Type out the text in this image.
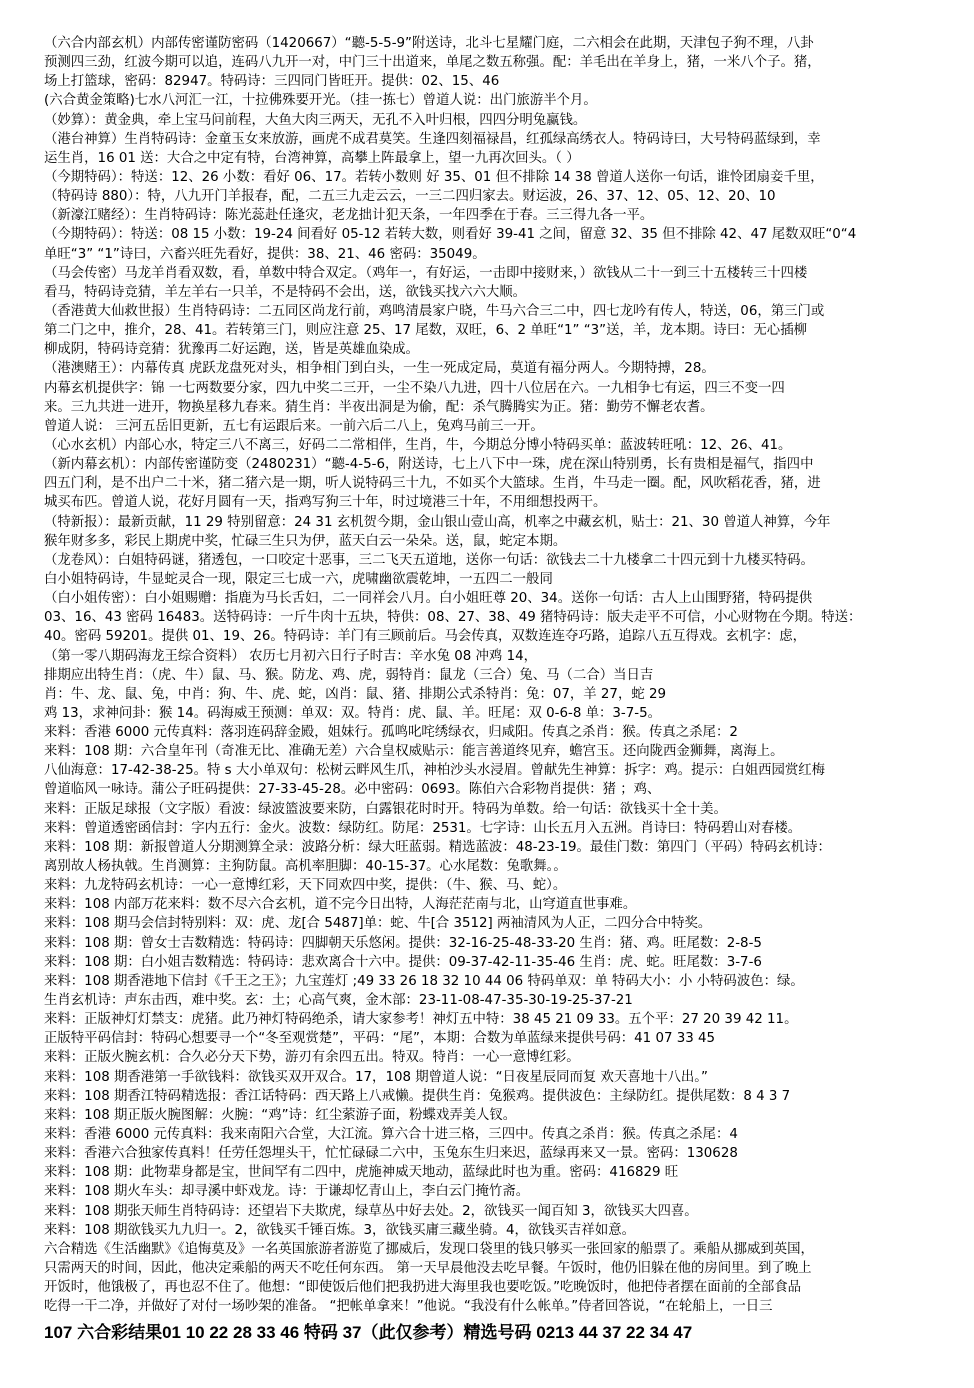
（六合内部玄机）内部传密谨防密码（1420667）“聽-5-5-9”附送诗，北斗七星耀门庭，二六相会在此期，天津包子狗不理，八卦
预测四三劲，红波今期可以追，连码八九开一对，中门三十出道来，单尾之数五称强。配：羊毛出在羊身上，猪，一米八个子。猪，
场上打篮球，密码：82947。特码诗：三四同门皆旺开。提供：02、15、46
(六合黄金策略)七水八河汇一江，十拉佛殊要开光。（挂一拣七）曾道人说：出门旅游半个月。
（妙算）：黄金典，牵上宝马问前程，大鱼大肉三两天，无孔不入叶归根，四四分明兔赢钱。
（港台神算）生肖特码诗：金童玉女来放游，画虎不成君莫笑。生逢四刻福禄昌，红孤绿高绣衣人。特码诗曰，大号特码蓝绿到，幸
运生肖，16 01 送：大合之中定有特，台湾神算，高攀上阵最拿上，望一九再次回头。（ ）
（今期特码）：特送：12、26 小数：看好 06、17。若转小数则 好 35、01 但不排除 14 38 曾道人送你一句话，谁怜团扇妾千里，
（特码诗 880）：特，八九开门羊报春，配，二五三九走云云，一三二四归家去。财运波，26、37、12、05、12、20、10
（新濠江赌经）：生肖特码诗：陈光蕊赴任逢灾，老龙拙计犯天条，一年四季在于春。三三得九各一平。
（今期特码）：特送：08 15 小数：19-24 间看好 05-12 若转大数，则看好 39-41 之间，留意 32、35 但不排除 42、47 尾数双旺“0“4
单旺“3” “1”诗曰，六畜兴旺先看好，提供：38、21、46 密码：35049。
（马会传密）马龙羊肖看双数，看，单数中特合双定。（鸡年一，有好运，一击即中接财来，）欲钱从二十一到三十五楼转三十四楼
看马，特码诗竞猜，羊左羊右一只羊，不是特码不会出，送，欲钱买找六六大顺。
（香港黄大仙救世报）生肖特码诗：二五同区尚龙行前，鸡鸣清晨家户晓，牛马六合三二中，四七龙吟有传人，特送，06，第三门或
第二门之中，推介，28、41。若转第三门，则应注意 25、17 尾数，双旺，6、2 单旺“1” “3”送，羊，龙本期。诗曰：无心插柳
柳成阴，特码诗竞猜：犹豫再二好运跑，送，皆是英雄血染成。
（港澳赌王）：内幕传真 虎跃龙盘死对头，相争相门到白头，一生一死成定局，莫道有福分两人。今期特搏，28。
内幕玄机提供字：锦 一七两数要分家，四九中奖二三开，一尘不染八九进，四十八位居在六。一九相争七有运，四三不变一四
来。三九共进一进开，物换星移九春来。猜生肖：半夜出洞是为偷，配：杀气腾腾实为正。猪：勤劳不懈老农耆。
曾道人说： 三河五岳旧更新，五七有运跟后来。一前六后二八上，兔鸡马前三一开。
（心水玄机）内部心水，特定三八不离三，好码二二常相伴，生肖，牛，今期总分博小特码买单：蓝波转旺吼：12、26、41。
（新内幕玄机）：内部传密谨防变（2480231）“聽-4-5-6，附送诗，七上八下中一珠，虎在深山特别勇，长有贵相是福气，指四中
四五门利，是不出户二十米，猪二猪六是一期，听人说特码三十九，不如买个大篮球。生肖，牛马走一圈。配，风吹稻花香，猪，进
城买布匹。曾道人说，花好月圆有一天，指鸡写狗三十年，时过境港三十年，不用细想投两干。
（特新报）：最新贡献，11 29 特别留意：24 31 玄机贺今期，金山银山壹山高，机率之中藏玄机，贴士：21、30 曾道人神算，今年
猴年财多多，彩民上期虎中奖，忙碌三生只为伊，蓝天白云一朵朵。送，鼠，蛇定本期。
（龙卷风）：白姐特码谜，猪透包，一口咬定十恶事，三二飞天五道地，送你一句话：欲钱去二十九楼拿二十四元到十九楼买特码。
白小姐特码诗，牛显蛇灵合一现，限定三七成一六，虎啸幽欲震乾坤，一五四二一般同
（白小姐传密）：白小姐赐赠：指鹿为马长舌妇，二一同祥会八月。白小姐旺尊 20、34。送你一句话：古人上山围野猪，特码提供
03、16、43 密码 16483。送特码诗：一斤牛肉十五块，特供：08、27、38、49 猪特码诗：版夫走平不可信，小心财物在今期。特送：
40。密码 59201。提供 01、19、26。特码诗：羊门有三顾前后。马会传真，双数连连夺巧路，追踪八五互得戏。玄机字：虑，
（第一零八期码海龙王综合资料） 农历七月初六日行子时吉：辛水兔 08 冲鸡 14，
排期应出特生肖：（虎、牛）鼠、马、猴。防龙、鸡、虎，弱特肖：鼠龙（三合）兔、马（二合）当日吉
肖：牛、龙、鼠、兔，中肖：狗、牛、虎、蛇，凶肖：鼠、猪、排期公式杀特肖：兔：07，羊 27，蛇 29
鸡 13，求神问卦：猴 14。码海威王预测：单双：双。特肖：虎、鼠、羊。旺尾：双 0-6-8 单：3-7-5。
来料：香港 6000 元传真料：落羽连码辞金殿，姐妹行。孤鸣叱咤绣绿衣，归咸阳。传真之杀肖：猴。传真之杀尾：2
来料：108 期：六合皇年刊（奇准无比、准确无差）六合皇权威贴示：能言善道终见弃，蟾宫玉。还向陇西金狮舞，离海上。
八仙海意：17-42-38-25。特 s 大小单双句：松树云畔风生爪，神柏沙头水浸眉。曾献先生神算：拆字：鸡。提示：白姐西园赏红梅
曾道临风一咏诗。蒲公子旺码提供：27-33-45-28。必中密码：0693。陈伯六合彩物肖提供：猪 ；鸡、
来料：正版足球报（文字版）看波：绿波篮波要来防，白露银花时时开。特码为单数。给一句话：欲钱买十全十美。
来料：曾道透密函信封：字内五行：金火。波数：绿防红。防尾：2531。七字诗：山长五月入五洲。肖诗曰：特码碧山对春楼。
来料：108 期：新报曾道人分期测算全录：波路分析：绿大旺蓝弱。精选蓝波：48-23-19。最佳门数：第四门（平码）特码玄机诗：
离别故人杨执戟。生肖测算：主狗防鼠。高机率胆脚：40-15-37。心水尾数：兔歌舞。。
来料：九龙特码玄机诗：一心一意博红彩，天下同欢四中奖，提供：（牛、猴、马、蛇）。
来料：108 内部万花来料：数不尽六合玄机，道不完今日出特，人海茫茫南与北，山穹道直世事难。
来料：108 期马会信封特别料：双：虎、龙[合 5487]单：蛇、牛[合 3512] 两袖清风为人正，二四分合中特奖。
来料：108 期：曾女士吉数精选：特码诗：四脚朝天乐悠闲。提供：32-16-25-48-33-20 生肖：猪、鸡。旺尾数：2-8-5
来料：108 期：白小姐吉数精选：特码诗：悲欢离合十六中。提供：09-37-42-11-35-46 生肖：虎、蛇。旺尾数：3-7-6
来料：108 期香港地下信封《千王之王》；九宝莲灯 ;49 33 26 18 32 10 44 06 特码单双：单 特码大小：小 小特码波色：绿。
生肖玄机诗：声东击西，难中奖。玄：土；心高气爽，金木部：23-11-08-47-35-30-19-25-37-21
来料：正版神灯灯禁支：虎猪。此乃神灯特码绝杀，请大家参考！神灯五中特：38 45 21 09 33。五个平：27 20 39 42 11。
正版特平码信封：特码心想要寻一个“冬至观赏楚”，平码：“尾”，本期：合数为单蓝绿来提供号码：41 07 33 45
来料：正版火腕玄机：合久必分天下势，游刃有余四五出。特双。特肖：一心一意博红彩。
来料：108 期香港第一手欲钱料：欲钱买双开双合。17，108 期曾道人说：“日夜星辰同而复 欢天喜地十八出。”
来料：108 期香江特码精选报：香江话特码：西天路上八戒懒。提供生肖：兔猴鸡。提供波色：主绿防红。提供尾数：8 4 3 7
来料：108 期正版火腕图解：火腕：“鸡”诗：红尘萦游子面，粉蝶戏弄美人钗。
来料：香港 6000 元传真料：我来南阳六合堂，大江流。算六合十进三格，三四中。传真之杀肖：猴。传真之杀尾：4
来料：香港六合独家传真料！任劳任怨埋头干，忙忙碌碌二六中，玉兔东生归来迟，蓝绿再来又一景。密码：130628
来料：108 期：此物辈身都是宝，世间罕有二四中，虎施神威天地动，蓝绿此时也为重。密码：416829 旺
来料：108 期火车头：却寻溪中虾戏龙。诗：于谦却忆青山上，李白云门掩竹斋。
来料：108 期张天师生肖特码诗：还望岩下夫欺虎，绿草丛中好去处。2，欲钱买一闻百知 3，欲钱买大四喜。
来料：108 期欲钱买九九归一。2，欲钱买千锤百炼。3，欲钱买庸三藏坐骑。4，欲钱买吉祥如意。
六合精选《生活幽默》《追悔莫及》一名英国旅游者游览了挪威后，发现口袋里的钱只够买一张回家的船票了。乘船从挪威到英国，
只需两天的时间，因此，他决定乘船的两天不吃任何东西。 第一天早晨他没去吃早餐。午饭时，他仍旧躲在他的房间里。到了晚上
开饭时，他饿极了，再也忍不住了。他想：“即使饭后他们把我扔进大海里我也要吃饭。”吃晚饭时，他把侍者摆在面前的全部食品
吃得一干二净，并做好了对付一场吵架的准备。 “把帐单拿来！”他说。“我没有什么帐单。”侍者回答说，“在轮船上，一日三
107 六合彩结果01 10 22 28 33 46 特码 37（此仅参考）精选号码 0213 44 37 22 34 47
